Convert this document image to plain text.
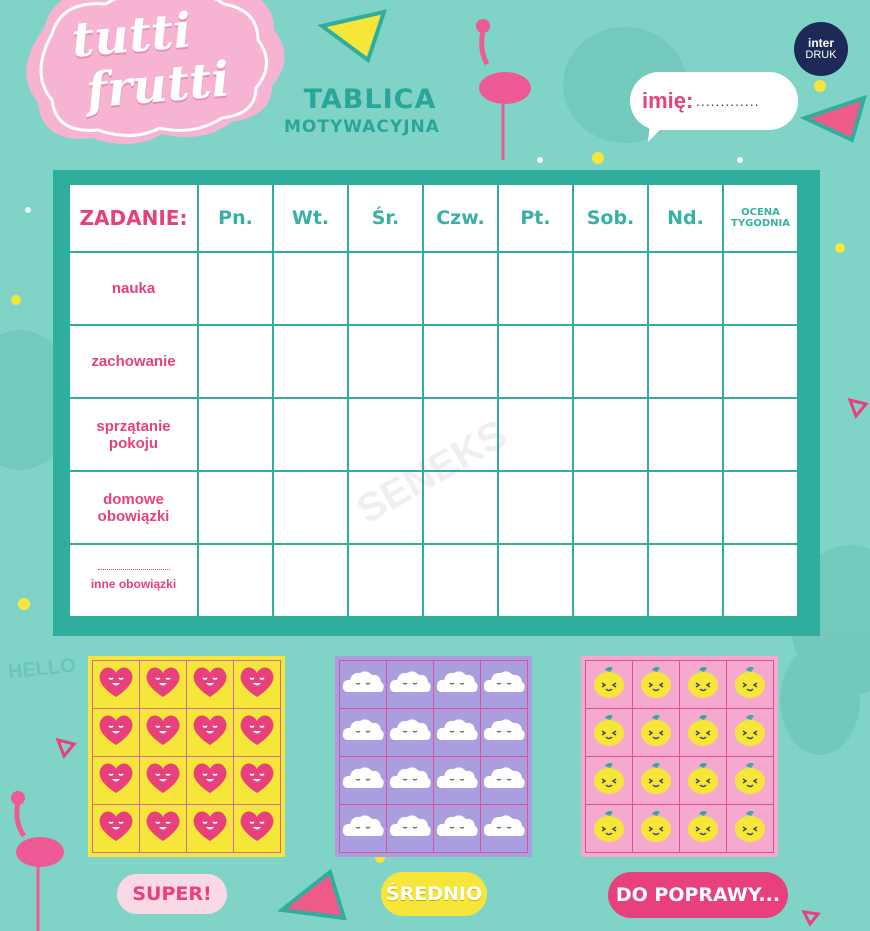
HELLO
tutti
frutti	TABLICA
MOTYWACYJNA
inter
DRUK
imię: .............
ZADANIE:	Pn.	Wt.	Śr.	Czw.	Pt.	Sob.	Nd.	OCENA
TYGODNIA
nauka								
zachowanie								
sprzątanie
pokoju								
domowe
obowiązki								

inne obowiązki								
SENEKS

SUPER!	ŚREDNIO	DO POPRAWY...
